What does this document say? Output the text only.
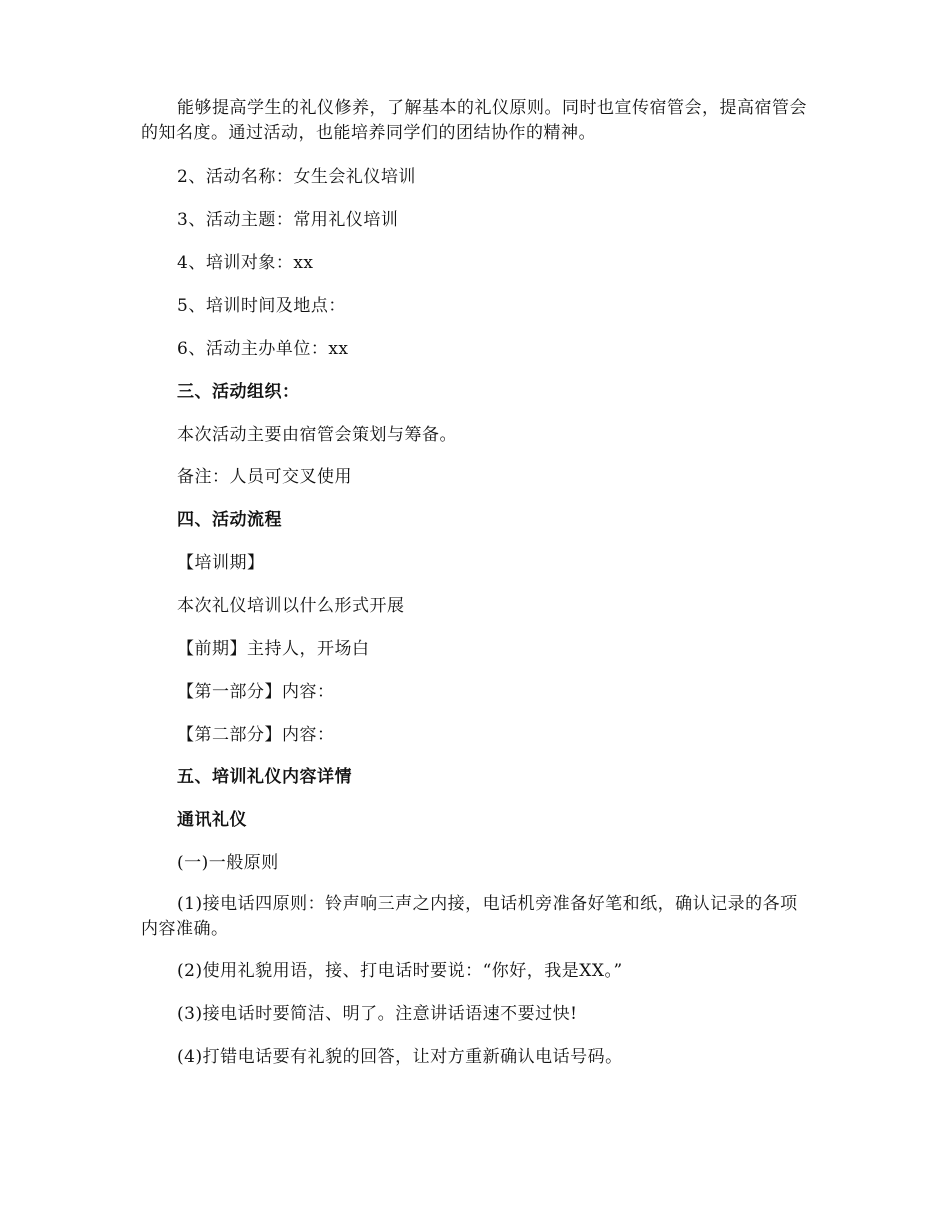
能够提高学生的礼仪修养，了解基本的礼仪原则。同时也宣传宿管会，提高宿管会的知名度。通过活动，也能培养同学们的团结协作的精神。

2、活动名称：女生会礼仪培训

3、活动主题：常用礼仪培训

4、培训对象：xx

5、培训时间及地点：

6、活动主办单位：xx

三、活动组织：

本次活动主要由宿管会策划与筹备。

备注：人员可交叉使用

四、活动流程

【培训期】

本次礼仪培训以什么形式开展

【前期】主持人，开场白

【第一部分】内容：

【第二部分】内容：

五、培训礼仪内容详情

通讯礼仪

(一)一般原则

(1)接电话四原则：铃声响三声之内接，电话机旁准备好笔和纸，确认记录的各项内容准确。

(2)使用礼貌用语，接、打电话时要说：“你好，我是XX。”

(3)接电话时要简洁、明了。注意讲话语速不要过快!

(4)打错电话要有礼貌的回答，让对方重新确认电话号码。
